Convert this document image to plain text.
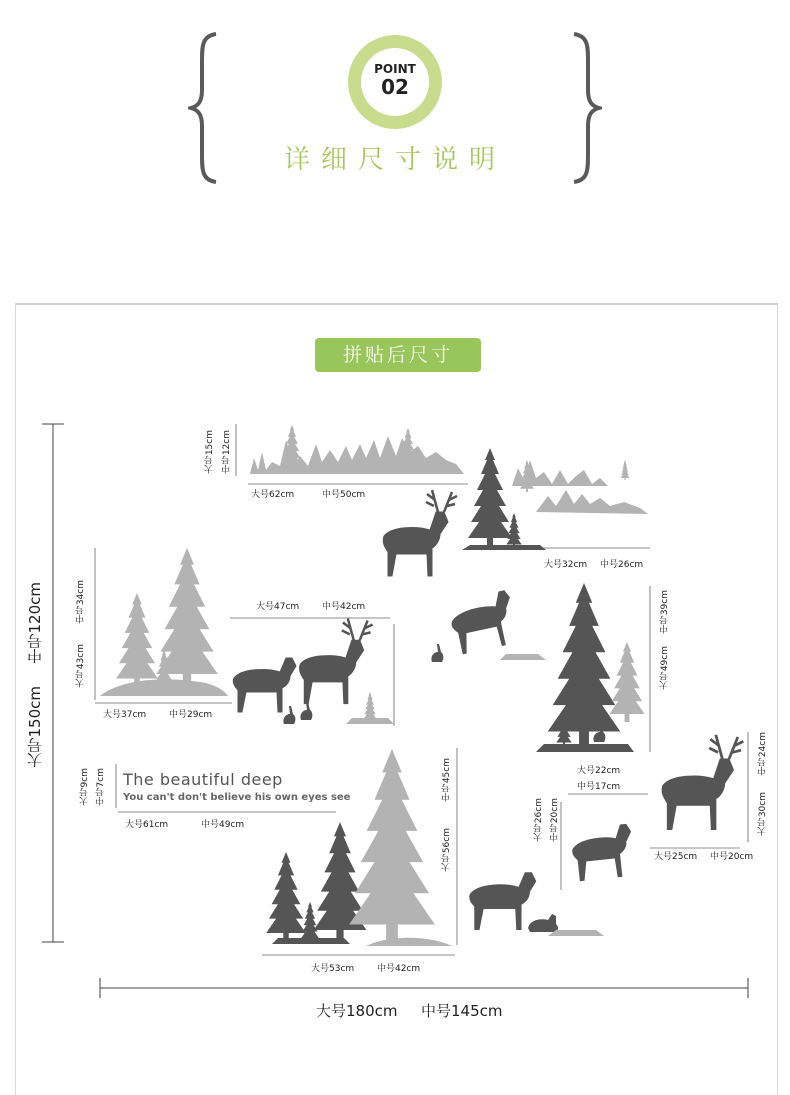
POINT
02
详细尺寸说明
拼贴后尺寸
The beautiful deep
You can't don't believe his own eyes see
大号150cm
中号120cm
大号180cm 中号145cm
大号15cm 中号12cm
大号62cm	中号50cm
大号32cm 中号26cm
中号34cm
大号43cm
大号37cm	中号29cm
大号47cm	中号42cm	中号39cm
大号49cm
大号22cm
中号17cm
大号9cm 中号7cm
大号61cm	中号49cm
中号45cm
大号56cm
大号53cm	中号42cm
大号26cm 中号20cm
中号24cm
大号30cm
大号25cm 中号20cm
